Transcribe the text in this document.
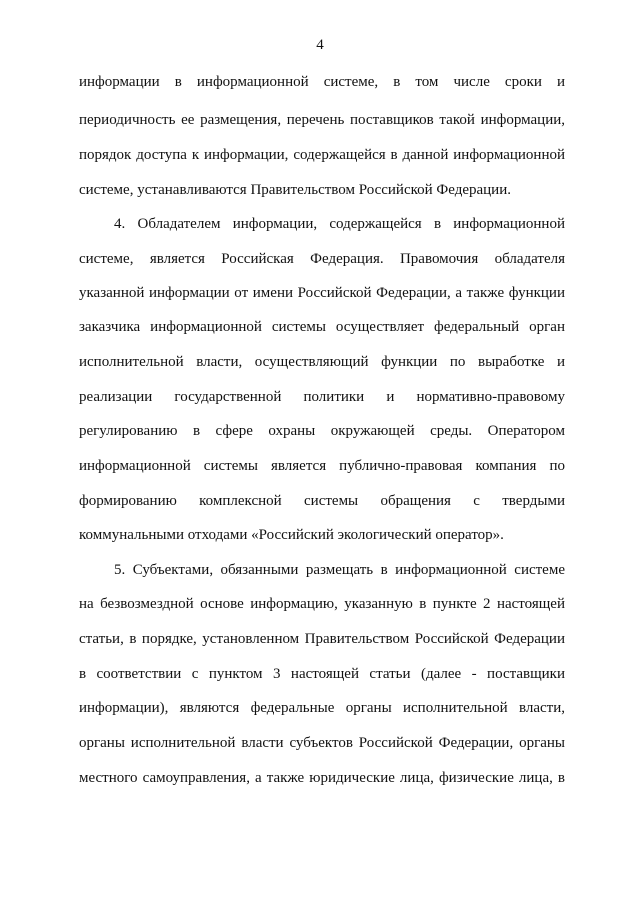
4
информации в информационной системе, в том числе сроки и
периодичность ее размещения, перечень поставщиков такой информации,
порядок доступа к информации, содержащейся в данной информационной
системе, устанавливаются Правительством Российской Федерации.
4. Обладателем информации, содержащейся в информационной
системе, является Российская Федерация. Правомочия обладателя
указанной информации от имени Российской Федерации, а также функции
заказчика информационной системы осуществляет федеральный орган
исполнительной власти, осуществляющий функции по выработке и
реализации государственной политики и нормативно-правовому
регулированию в сфере охраны окружающей среды. Оператором
информационной системы является публично-правовая компания по
формированию комплексной системы обращения с твердыми
коммунальными отходами «Российский экологический оператор».
5. Субъектами, обязанными размещать в информационной системе
на безвозмездной основе информацию, указанную в пункте 2 настоящей
статьи, в порядке, установленном Правительством Российской Федерации
в соответствии с пунктом 3 настоящей статьи (далее - поставщики
информации), являются федеральные органы исполнительной власти,
органы исполнительной власти субъектов Российской Федерации, органы
местного самоуправления, а также юридические лица, физические лица, в
